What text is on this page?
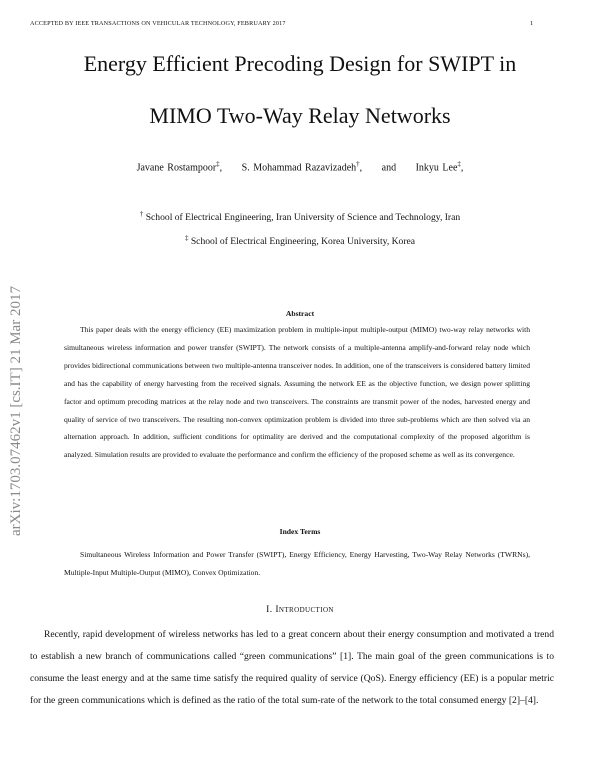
ACCEPTED BY IEEE TRANSACTIONS ON VEHICULAR TECHNOLOGY, FEBRUARY 2017	1
arXiv:1703.07462v1 [cs.IT] 21 Mar 2017
Energy Efficient Precoding Design for SWIPT in
MIMO Two-Way Relay Networks
Javane Rostampoor‡, S. Mohammad Razavizadeh†, and Inkyu Lee‡,
† School of Electrical Engineering, Iran University of Science and Technology, Iran
‡ School of Electrical Engineering, Korea University, Korea
Abstract
This paper deals with the energy efficiency (EE) maximization problem in multiple-input multiple-output (MIMO) two-way relay networks with simultaneous wireless information and power transfer (SWIPT). The network consists of a multiple-antenna amplify-and-forward relay node which provides bidirectional communications between two multiple-antenna transceiver nodes. In addition, one of the transceivers is considered battery limited and has the capability of energy harvesting from the received signals. Assuming the network EE as the objective function, we design power splitting factor and optimum precoding matrices at the relay node and two transceivers. The constraints are transmit power of the nodes, harvested energy and quality of service of two transceivers. The resulting non-convex optimization problem is divided into three sub-problems which are then solved via an alternation approach. In addition, sufficient conditions for optimality are derived and the computational complexity of the proposed algorithm is analyzed. Simulation results are provided to evaluate the performance and confirm the efficiency of the proposed scheme as well as its convergence.
Index Terms
Simultaneous Wireless Information and Power Transfer (SWIPT), Energy Efficiency, Energy Harvesting, Two-Way Relay Networks (TWRNs), Multiple-Input Multiple-Output (MIMO), Convex Optimization.
I. Introduction
Recently, rapid development of wireless networks has led to a great concern about their energy consumption and motivated a trend to establish a new branch of communications called “green communications” [1]. The main goal of the green communications is to consume the least energy and at the same time satisfy the required quality of service (QoS). Energy efficiency (EE) is a popular metric for the green communications which is defined as the ratio of the total sum-rate of the network to the total consumed energy [2]–[4].
